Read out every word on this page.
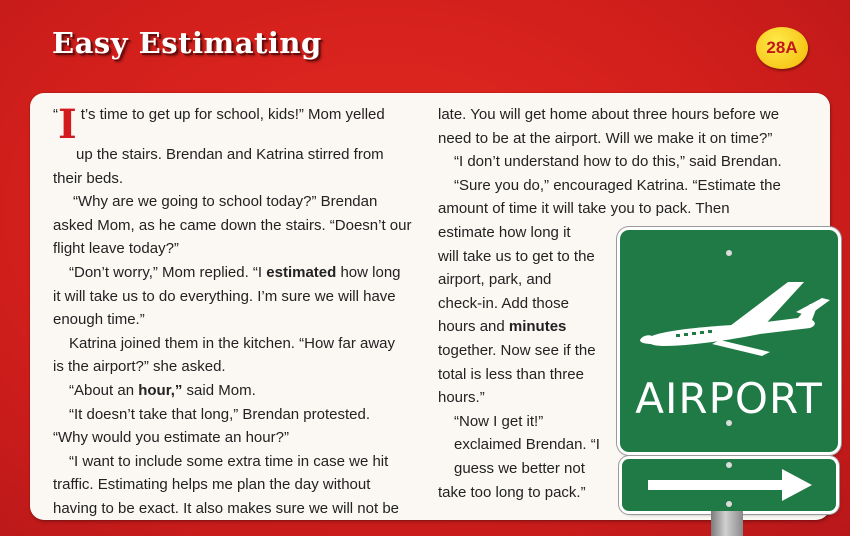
Easy Estimating	28A

“I t’s time to get up for school, kids!” Mom yelled

up the stairs. Brendan and Katrina stirred from

their beds.

“Why are we going to school today?” Brendan

asked Mom, as he came down the stairs. “Doesn’t our

flight leave today?”

“Don’t worry,” Mom replied. “I estimated how long

it will take us to do everything. I’m sure we will have

enough time.”

Katrina joined them in the kitchen. “How far away

is the airport?” she asked.

“About an hour,” said Mom.

“It doesn’t take that long,” Brendan protested.

“Why would you estimate an hour?”

“I want to include some extra time in case we hit

traffic. Estimating helps me plan the day without

having to be exact. It also makes sure we will not be

late. You will get home about three hours before we

need to be at the airport. Will we make it on time?”

“I don’t understand how to do this,” said Brendan.

“Sure you do,” encouraged Katrina. “Estimate the

amount of time it will take you to pack. Then

estimate how long it

will take us to get to the

airport, park, and

check-in. Add those

hours and minutes

together. Now see if the

total is less than three

hours.”

“Now I get it!”

exclaimed Brendan. “I

guess we better not

take too long to pack.”

AIRPORT
